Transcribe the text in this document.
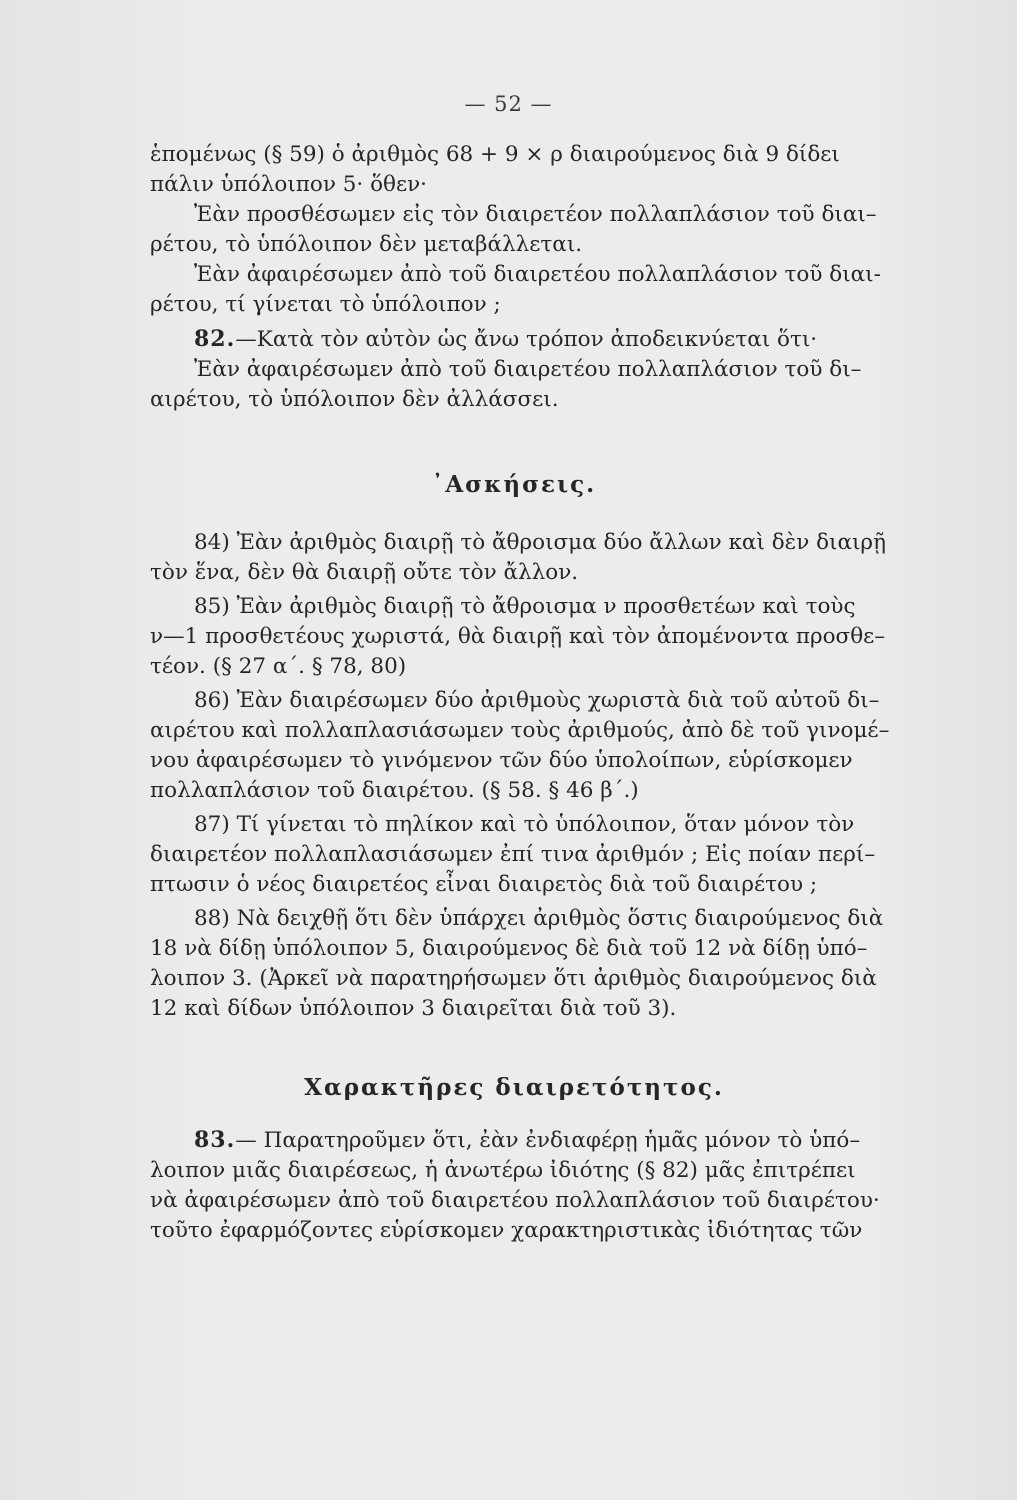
— 52 —
ἑπομένως (§ 59) ὁ ἀριθμὸς 68 + 9 × ρ διαιρούμενος διὰ 9 δίδει
πάλιν ὑπόλοιπον 5· ὅθεν·
Ἐὰν προσθέσωμεν εἰς τὸν διαιρετέον πολλαπλάσιον τοῦ διαι–
ρέτου, τὸ ὑπόλοιπον δὲν μεταβάλλεται.
Ἐὰν ἀφαιρέσωμεν ἀπὸ τοῦ διαιρετέου πολλαπλάσιον τοῦ διαι-
ρέτου, τί γίνεται τὸ ὑπόλοιπον ;
82.—Κατὰ τὸν αὐτὸν ὡς ἄνω τρόπον ἀποδεικνύεται ὅτι·
Ἐὰν ἀφαιρέσωμεν ἀπὸ τοῦ διαιρετέου πολλαπλάσιον τοῦ δι–
αιρέτου, τὸ ὑπόλοιπον δὲν ἀλλάσσει.
᾿Ασκήσεις.
84) Ἐὰν ἀριθμὸς διαιρῇ τὸ ἄθροισμα δύο ἄλλων καὶ δὲν διαιρῇ
τὸν ἕνα, δὲν θὰ διαιρῇ οὔτε τὸν ἄλλον.
85) Ἐὰν ἀριθμὸς διαιρῇ τὸ ἄθροισμα ν προσθετέων καὶ τοὺς
ν—1 προσθετέους χωριστά, θὰ διαιρῇ καὶ τὸν ἀπομένοντα προσθε–
τέον. (§ 27 α΄. § 78, 80)
86) Ἐὰν διαιρέσωμεν δύο ἀριθμοὺς χωριστὰ διὰ τοῦ αὐτοῦ δι–
αιρέτου καὶ πολλαπλασιάσωμεν τοὺς ἀριθμούς, ἀπὸ δὲ τοῦ γινομέ–
νου ἀφαιρέσωμεν τὸ γινόμενον τῶν δύο ὑπολοίπων, εὑρίσκομεν
πολλαπλάσιον τοῦ διαιρέτου. (§ 58. § 46 β΄.)
87) Τί γίνεται τὸ πηλίκον καὶ τὸ ὑπόλοιπον, ὅταν μόνον τὸν
διαιρετέον πολλαπλασιάσωμεν ἐπί τινα ἀριθμόν ; Εἰς ποίαν περί–
πτωσιν ὁ νέος διαιρετέος εἶναι διαιρετὸς διὰ τοῦ διαιρέτου ;
88) Νὰ δειχθῇ ὅτι δὲν ὑπάρχει ἀριθμὸς ὅστις διαιρούμενος διὰ
18 νὰ δίδῃ ὑπόλοιπον 5, διαιρούμενος δὲ διὰ τοῦ 12 νὰ δίδῃ ὑπό–
λοιπον 3. (Ἀρκεῖ νὰ παρατηρήσωμεν ὅτι ἀριθμὸς διαιρούμενος διὰ
12 καὶ δίδων ὑπόλοιπον 3 διαιρεῖται διὰ τοῦ 3).
Χαρακτῆρες διαιρετότητος.
83.— Παρατηροῦμεν ὅτι, ἐὰν ἐνδιαφέρῃ ἡμᾶς μόνον τὸ ὑπό–
λοιπον μιᾶς διαιρέσεως, ἡ ἀνωτέρω ἰδιότης (§ 82) μᾶς ἐπιτρέπει
νὰ ἀφαιρέσωμεν ἀπὸ τοῦ διαιρετέου πολλαπλάσιον τοῦ διαιρέτου·
τοῦτο ἐφαρμόζοντες εὑρίσκομεν χαρακτηριστικὰς ἰδιότητας τῶν
